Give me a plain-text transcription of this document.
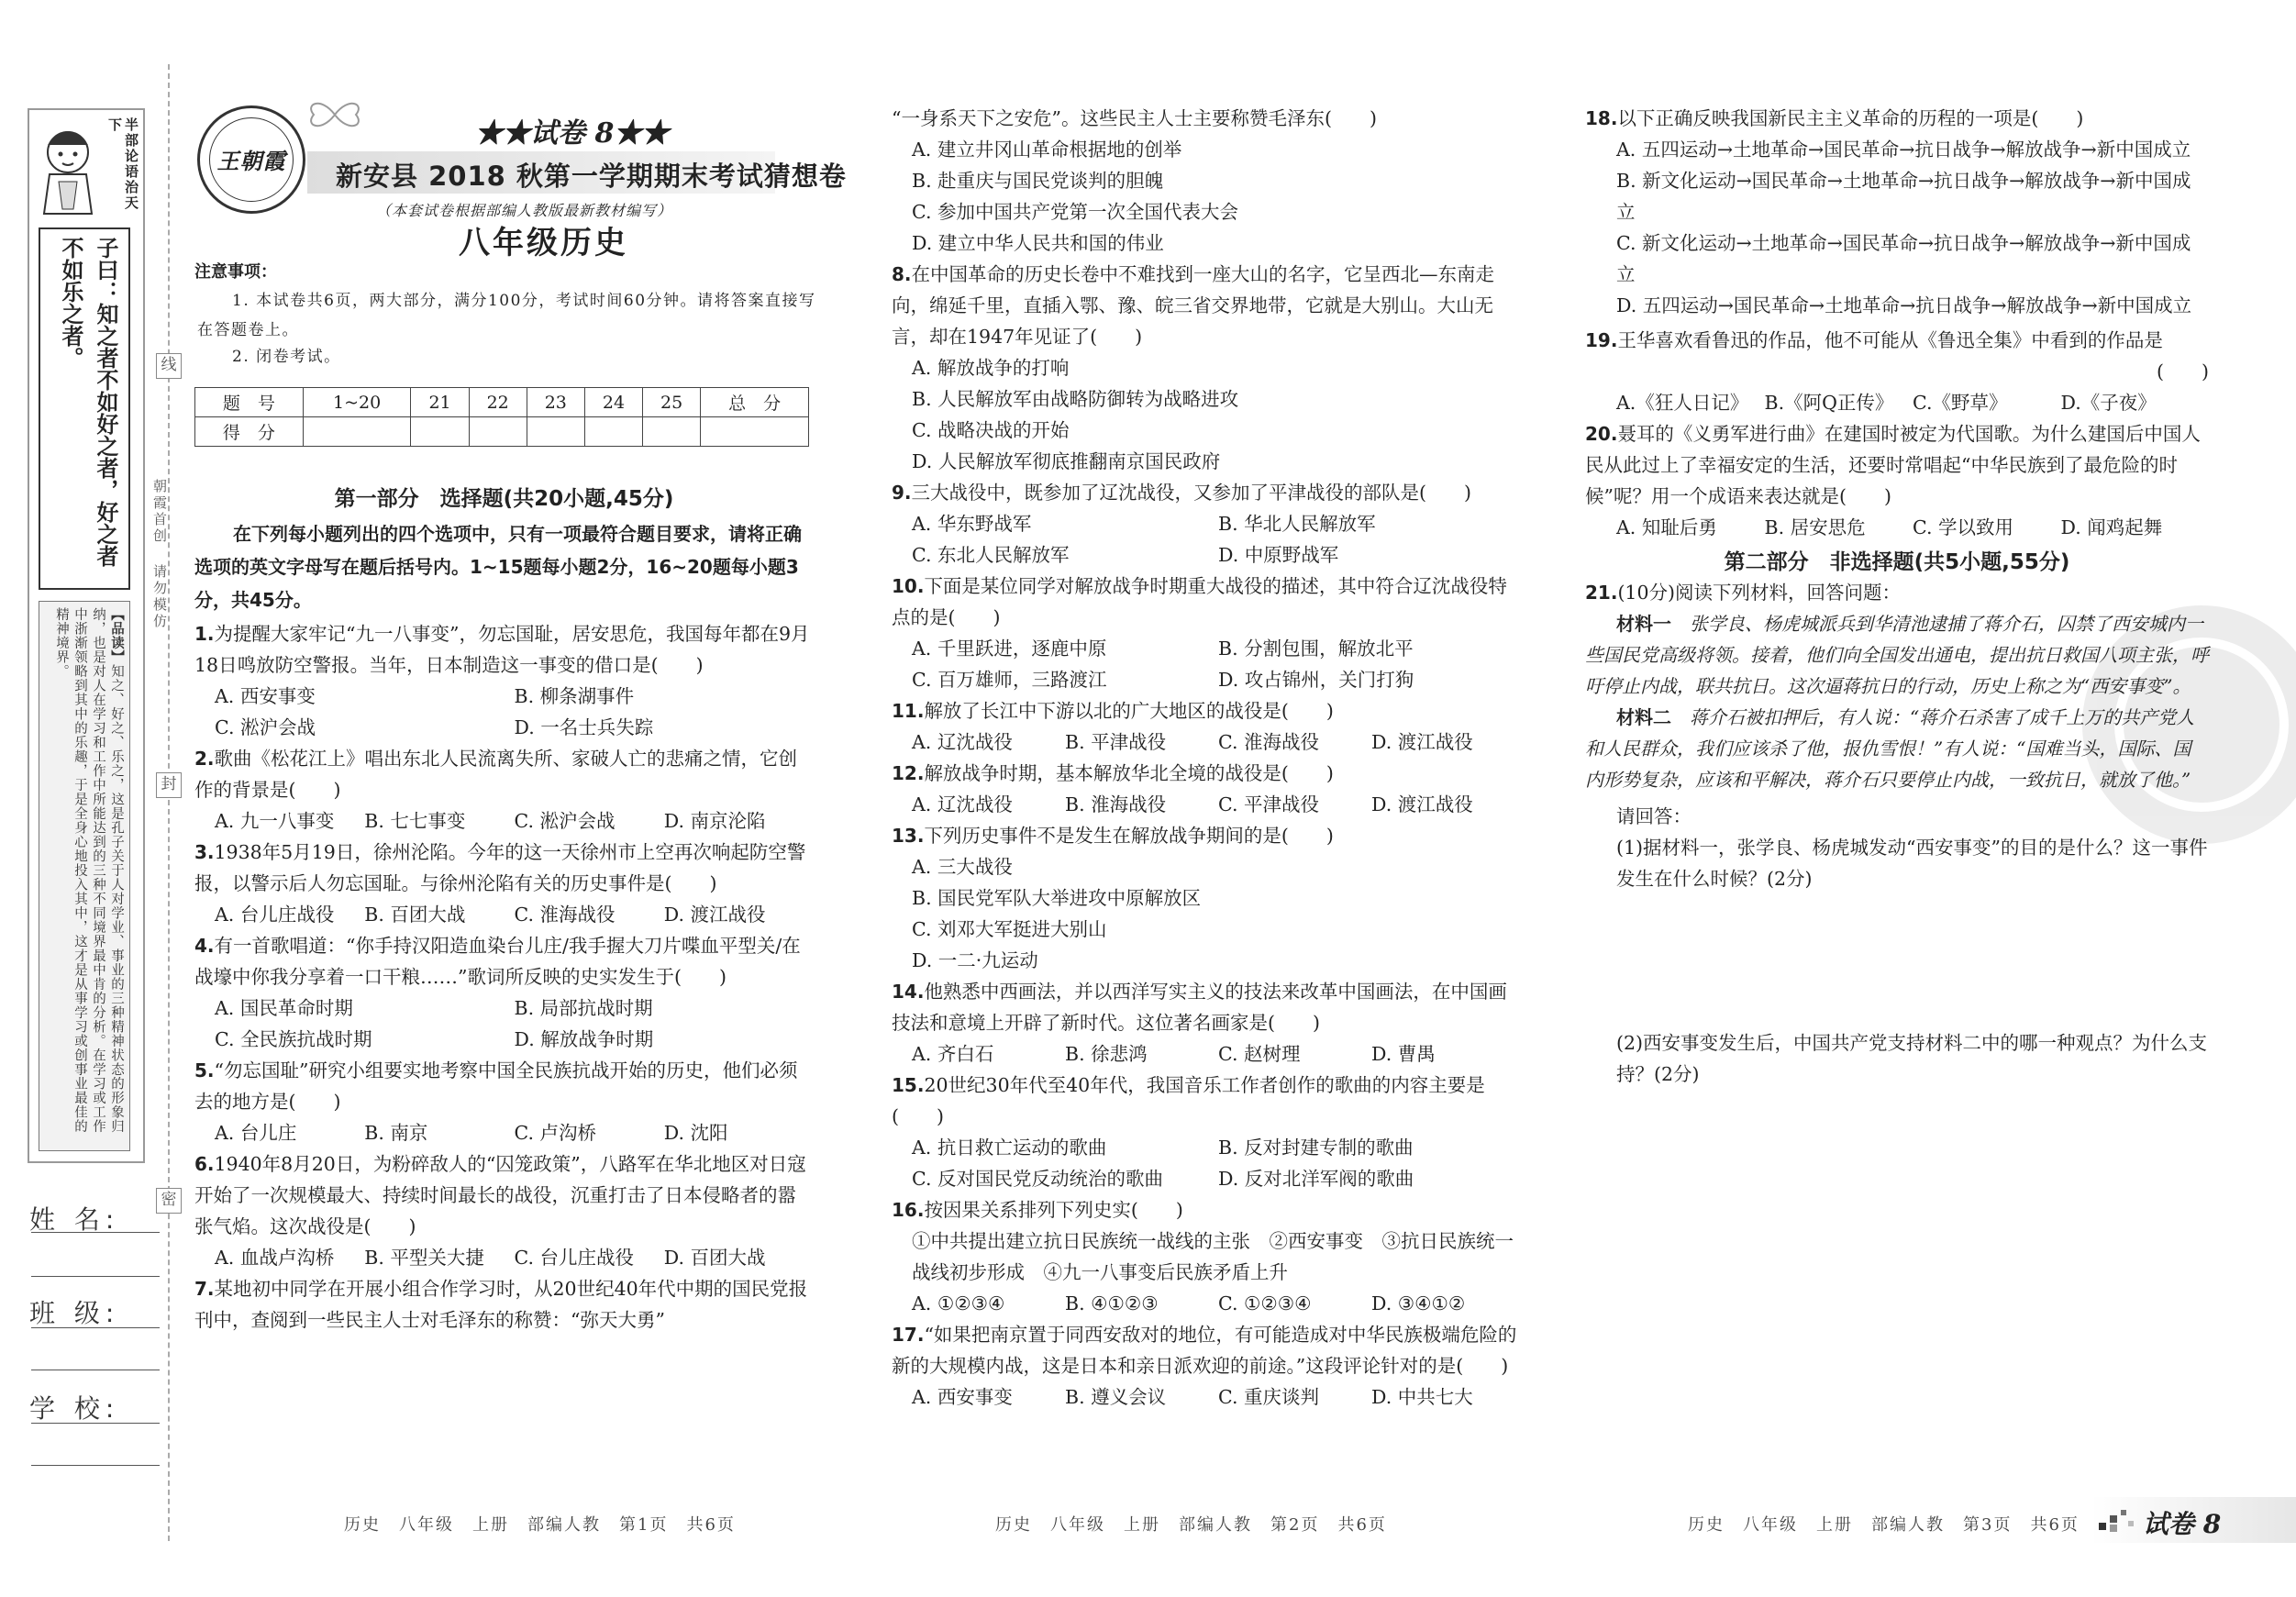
半部论语治天下
子曰：知之者不如好之者，好之者不如乐之者。
【品读】知之、好之、乐之，这是孔子关于人对学业、事业的三种精神状态的形象归纳，也是对人在学习和工作中所能达到的三种不同境界最中肯的分析。在学习或工作中浙渐领略到其中的乐趣，于是全身心地投入其中，这才是从事学习或创事业最佳的精神境界。
朝霞首创 请勿模仿
线
封
密
姓 名:
班 级:
学 校:
王朝霞
★★试卷 8★★
新安县 2018 秋第一学期期末考试猜想卷
（本套试卷根据部编人教版最新教材编写）
八年级历史
注意事项：
1. 本试卷共6页，两大部分，满分100分，考试时间60分钟。请将答案直接写在答题卷上。
2. 闭卷考试。
题　号	1~20	21	22	23	24	25	总　分
得　分							
第一部分　选择题(共20小题,45分)
在下列每小题列出的四个选项中，只有一项最符合题目要求，请将正确选项的英文字母写在题后括号内。1~15题每小题2分，16~20题每小题3分，共45分。
1.为提醒大家牢记“九一八事变”，勿忘国耻，居安思危，我国每年都在9月18日鸣放防空警报。当年，日本制造这一事变的借口是(　　)
A. 西安事变	B. 柳条湖事件
C. 淞沪会战	D. 一名士兵失踪
2.歌曲《松花江上》唱出东北人民流离失所、家破人亡的悲痛之情，它创作的背景是(　　)
A. 九一八事变	B. 七七事变	C. 淞沪会战	D. 南京沦陷
3.1938年5月19日，徐州沦陷。今年的这一天徐州市上空再次响起防空警报，以警示后人勿忘国耻。与徐州沦陷有关的历史事件是(　　)
A. 台儿庄战役	B. 百团大战	C. 淮海战役	D. 渡江战役
4.有一首歌唱道：“你手持汉阳造血染台儿庄/我手握大刀片喋血平型关/在战壕中你我分享着一口干粮……”歌词所反映的史实发生于(　　)
A. 国民革命时期	B. 局部抗战时期
C. 全民族抗战时期	D. 解放战争时期
5.“勿忘国耻”研究小组要实地考察中国全民族抗战开始的历史，他们必须去的地方是(　　)
A. 台儿庄	B. 南京	C. 卢沟桥	D. 沈阳
6.1940年8月20日，为粉碎敌人的“囚笼政策”，八路军在华北地区对日寇开始了一次规模最大、持续时间最长的战役，沉重打击了日本侵略者的嚣张气焰。这次战役是(　　)
A. 血战卢沟桥	B. 平型关大捷	C. 台儿庄战役	D. 百团大战
7.某地初中同学在开展小组合作学习时，从20世纪40年代中期的国民党报刊中，查阅到一些民主人士对毛泽东的称赞：“弥天大勇”
“一身系天下之安危”。这些民主人士主要称赞毛泽东(　　)
A. 建立井冈山革命根据地的创举
B. 赴重庆与国民党谈判的胆魄
C. 参加中国共产党第一次全国代表大会
D. 建立中华人民共和国的伟业
8.在中国革命的历史长卷中不难找到一座大山的名字，它呈西北—东南走向，绵延千里，直插入鄂、豫、皖三省交界地带，它就是大别山。大山无言，却在1947年见证了(　　)
A. 解放战争的打响
B. 人民解放军由战略防御转为战略进攻
C. 战略决战的开始
D. 人民解放军彻底推翻南京国民政府
9.三大战役中，既参加了辽沈战役，又参加了平津战役的部队是(　　)
A. 华东野战军	B. 华北人民解放军
C. 东北人民解放军	D. 中原野战军
10.下面是某位同学对解放战争时期重大战役的描述，其中符合辽沈战役特点的是(　　)
A. 千里跃进，逐鹿中原	B. 分割包围，解放北平
C. 百万雄师，三路渡江	D. 攻占锦州，关门打狗
11.解放了长江中下游以北的广大地区的战役是(　　)
A. 辽沈战役	B. 平津战役	C. 淮海战役	D. 渡江战役
12.解放战争时期，基本解放华北全境的战役是(　　)
A. 辽沈战役	B. 淮海战役	C. 平津战役	D. 渡江战役
13.下列历史事件不是发生在解放战争期间的是(　　)
A. 三大战役
B. 国民党军队大举进攻中原解放区
C. 刘邓大军挺进大别山
D. 一二·九运动
14.他熟悉中西画法，并以西洋写实主义的技法来改革中国画法，在中国画技法和意境上开辟了新时代。这位著名画家是(　　)
A. 齐白石	B. 徐悲鸿	C. 赵树理	D. 曹禺
15.20世纪30年代至40年代，我国音乐工作者创作的歌曲的内容主要是(　　)
A. 抗日救亡运动的歌曲	B. 反对封建专制的歌曲
C. 反对国民党反动统治的歌曲	D. 反对北洋军阀的歌曲
16.按因果关系排列下列史实(　　)
①中共提出建立抗日民族统一战线的主张　②西安事变　③抗日民族统一战线初步形成　④九一八事变后民族矛盾上升
A. ①②③④	B. ④①②③	C. ①②③④	D. ③④①②
17.“如果把南京置于同西安敌对的地位，有可能造成对中华民族极端危险的新的大规模内战，这是日本和亲日派欢迎的前途。”这段评论针对的是(　　)
A. 西安事变	B. 遵义会议	C. 重庆谈判	D. 中共七大
18.以下正确反映我国新民主主义革命的历程的一项是(　　)
A. 五四运动→土地革命→国民革命→抗日战争→解放战争→新中国成立
B. 新文化运动→国民革命→土地革命→抗日战争→解放战争→新中国成立
C. 新文化运动→土地革命→国民革命→抗日战争→解放战争→新中国成立
D. 五四运动→国民革命→土地革命→抗日战争→解放战争→新中国成立
19.王华喜欢看鲁迅的作品，他不可能从《鲁迅全集》中看到的作品是
(　　)
A.《狂人日记》 B.《阿Q正传》	C.《野草》	D.《子夜》
20.聂耳的《义勇军进行曲》在建国时被定为代国歌。为什么建国后中国人民从此过上了幸福安定的生活，还要时常唱起“中华民族到了最危险的时候”呢？用一个成语来表达就是(　　)
A. 知耻后勇	B. 居安思危	C. 学以致用	D. 闻鸡起舞
第二部分　非选择题(共5小题,55分)
21.(10分)阅读下列材料，回答问题：
材料一　 张学良、杨虎城派兵到华清池逮捕了蒋介石，囚禁了西安城内一些国民党高级将领。接着，他们向全国发出通电，提出抗日救国八项主张，呼吁停止内战，联共抗日。这次逼蒋抗日的行动，历史上称之为“西安事变”。
材料二　 蒋介石被扣押后，有人说：“蒋介石杀害了成千上万的共产党人和人民群众，我们应该杀了他，报仇雪恨！”有人说：“国难当头，国际、国内形势复杂，应该和平解决，蒋介石只要停止内战，一致抗日，就放了他。”
请回答：
(1)据材料一，张学良、杨虎城发动“西安事变”的目的是什么？这一事件发生在什么时候？(2分)
(2)西安事变发生后，中国共产党支持材料二中的哪一种观点？为什么支持？(2分)
历史　八年级　上册　部编人教　第1页　共6页	历史　八年级　上册　部编人教　第2页　共6页	历史　八年级　上册　部编人教　第3页　共6页 试卷 8
